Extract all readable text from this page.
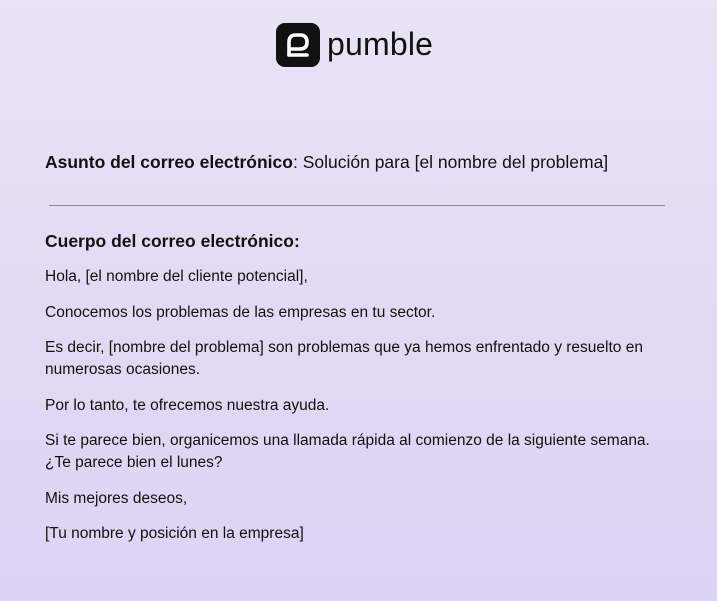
pumble
Asunto del correo electrónico: Solución para [el nombre del problema]
Cuerpo del correo electrónico:

Hola, [el nombre del cliente potencial],

Conocemos los problemas de las empresas en tu sector.

Es decir, [nombre del problema] son problemas que ya hemos enfrentado y resuelto en numerosas ocasiones.

Por lo tanto, te ofrecemos nuestra ayuda.

Si te parece bien, organicemos una llamada rápida al comienzo de la siguiente semana. ¿Te parece bien el lunes?

Mis mejores deseos,

[Tu nombre y posición en la empresa]
